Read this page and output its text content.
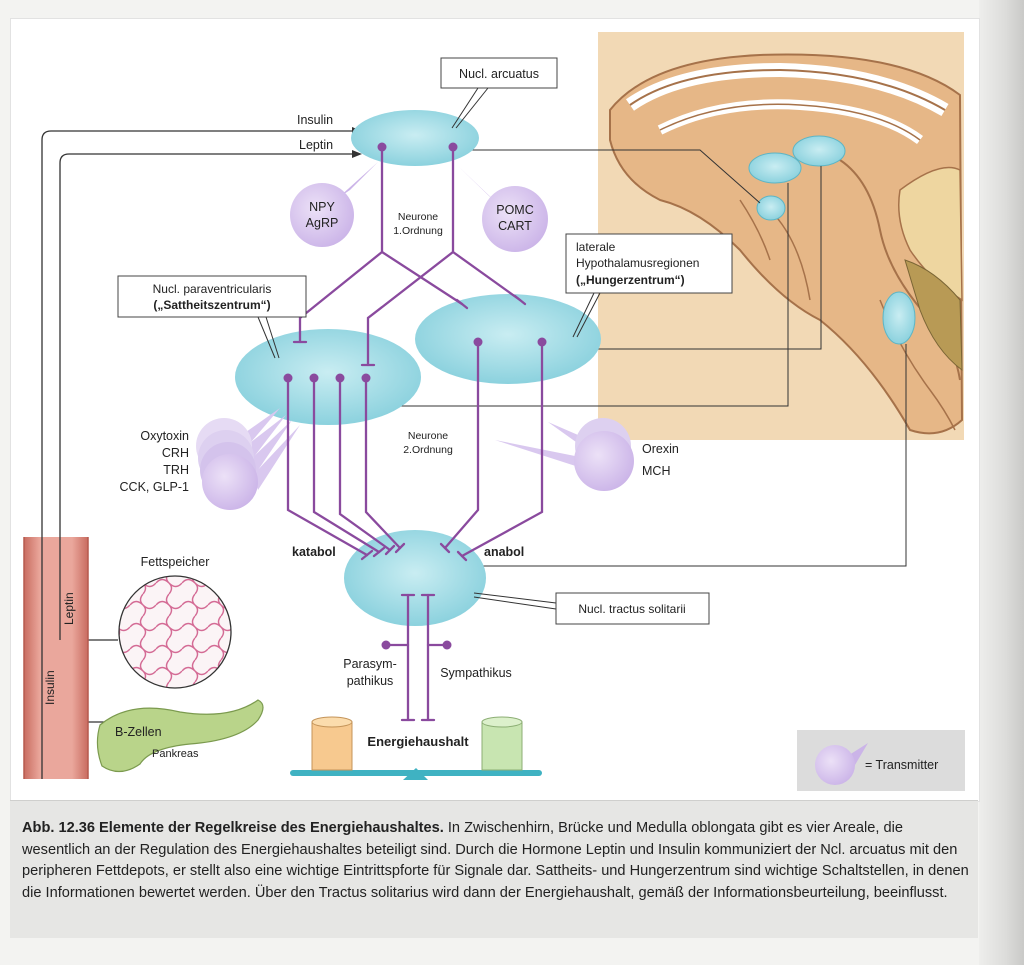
Insulin
Leptin
Nucl. arcuatus
NPY
AgRP
POMC
CART
Neurone
1.Ordnung
Nucl. paraventricularis
(„Sattheitszentrum“)
laterale
Hypothalamusregionen
(„Hungerzentrum“)
Oxytoxin
CRH
TRH
CCK, GLP-1
Neurone
2.Ordnung	Orexin
MCH
katabol	anabol
Nucl. tractus solitarii
Parasym-
pathikus
Sympathikus
Leptin
Insulin
Fettspeicher
B-Zellen
Pankreas
Energiehaushalt
= Transmitter
Abb. 12.36 Elemente der Regelkreise des Energiehaushaltes. In Zwischenhirn, Brücke und Medulla oblongata gibt es vier Areale, die wesentlich an der Regulation des Energiehaushaltes beteiligt sind. Durch die Hormone Leptin und Insulin kommuniziert der Ncl. arcuatus mit den peripheren Fettdepots, er stellt also eine wichtige Eintrittspforte für Signale dar. Sattheits- und Hungerzentrum sind wichtige Schaltstellen, in denen die Informationen bewertet werden. Über den Tractus solitarius wird dann der Energiehaushalt, gemäß der Informationsbeurteilung, beeinflusst.
